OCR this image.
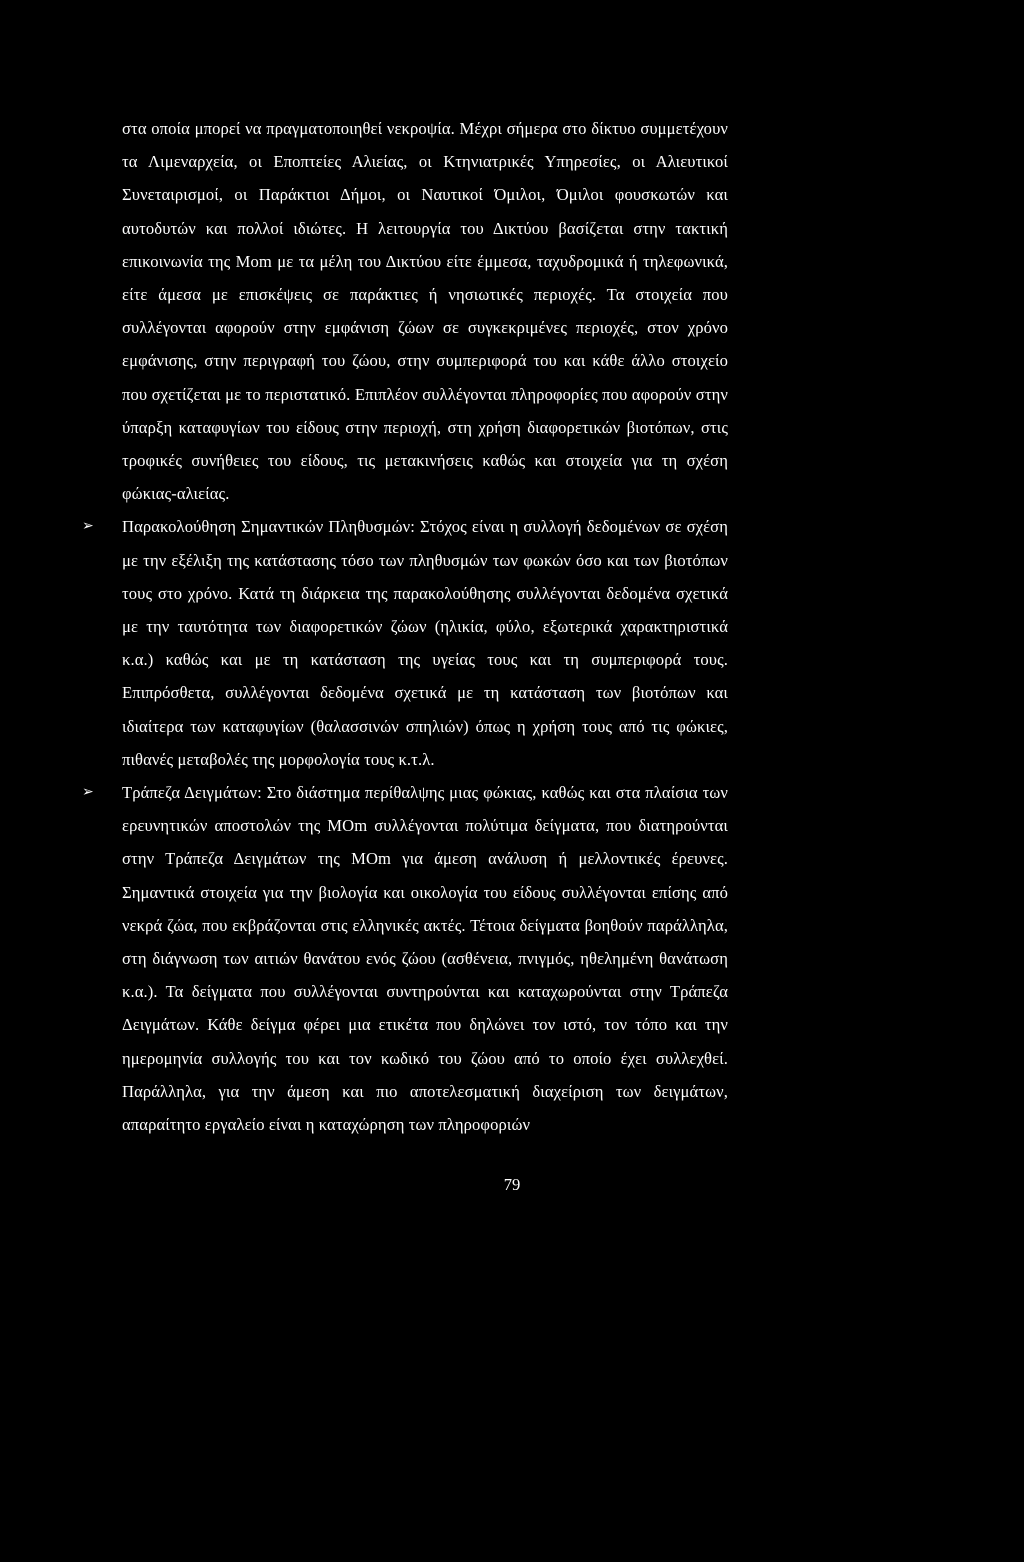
στα οποία μπορεί να πραγματοποιηθεί νεκροψία. Μέχρι σήμερα στο δίκτυο συμμετέχουν τα Λιμεναρχεία, οι Εποπτείες Αλιείας, οι Κτηνιατρικές Υπηρεσίες, οι Αλιευτικοί Συνεταιρισμοί, οι Παράκτιοι Δήμοι, οι Ναυτικοί Όμιλοι, Όμιλοι φουσκωτών και αυτοδυτών και πολλοί ιδιώτες. Η λειτουργία του Δικτύου βασίζεται στην τακτική επικοινωνία της Mom με τα μέλη του Δικτύου είτε έμμεσα, ταχυδρομικά ή τηλεφωνικά, είτε άμεσα με επισκέψεις σε παράκτιες ή νησιωτικές περιοχές. Τα στοιχεία που συλλέγονται αφορούν στην εμφάνιση ζώων σε συγκεκριμένες περιοχές, στον χρόνο εμφάνισης, στην περιγραφή του ζώου, στην συμπεριφορά του και κάθε άλλο στοιχείο που σχετίζεται με το περιστατικό. Επιπλέον συλλέγονται πληροφορίες που αφορούν στην ύπαρξη καταφυγίων του είδους στην περιοχή, στη χρήση διαφορετικών βιοτόπων, στις τροφικές συνήθειες του είδους, τις μετακινήσεις καθώς και στοιχεία για τη σχέση φώκιας-αλιείας.

➢ Παρακολούθηση Σημαντικών Πληθυσμών: Στόχος είναι η συλλογή δεδομένων σε σχέση με την εξέλιξη της κατάστασης τόσο των πληθυσμών των φωκών όσο και των βιοτόπων τους στο χρόνο. Κατά τη διάρκεια της παρακολούθησης συλλέγονται δεδομένα σχετικά με την ταυτότητα των διαφορετικών ζώων (ηλικία, φύλο, εξωτερικά χαρακτηριστικά κ.α.) καθώς και με τη κατάσταση της υγείας τους και τη συμπεριφορά τους. Επιπρόσθετα, συλλέγονται δεδομένα σχετικά με τη κατάσταση των βιοτόπων και ιδιαίτερα των καταφυγίων (θαλασσινών σπηλιών) όπως η χρήση τους από τις φώκιες, πιθανές μεταβολές της μορφολογία τους κ.τ.λ.

➢ Τράπεζα Δειγμάτων: Στο διάστημα περίθαλψης μιας φώκιας, καθώς και στα πλαίσια των ερευνητικών αποστολών της MOm συλλέγονται πολύτιμα δείγματα, που διατηρούνται στην Τράπεζα Δειγμάτων της MOm για άμεση ανάλυση ή μελλοντικές έρευνες. Σημαντικά στοιχεία για την βιολογία και οικολογία του είδους συλλέγονται επίσης από νεκρά ζώα, που εκβράζονται στις ελληνικές ακτές. Τέτοια δείγματα βοηθούν παράλληλα, στη διάγνωση των αιτιών θανάτου ενός ζώου (ασθένεια, πνιγμός, ηθελημένη θανάτωση κ.α.). Τα δείγματα που συλλέγονται συντηρούνται και καταχωρούνται στην Τράπεζα Δειγμάτων. Κάθε δείγμα φέρει μια ετικέτα που δηλώνει τον ιστό, τον τόπο και την ημερομηνία συλλογής του και τον κωδικό του ζώου από το οποίο έχει συλλεχθεί. Παράλληλα, για την άμεση και πιο αποτελεσματική διαχείριση των δειγμάτων, απαραίτητο εργαλείο είναι η καταχώρηση των πληροφοριών

79
